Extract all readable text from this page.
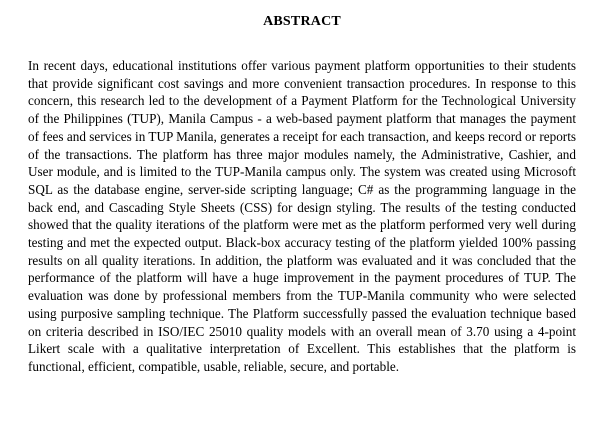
ABSTRACT

In recent days, educational institutions offer various payment platform opportunities to their students that provide significant cost savings and more convenient transaction procedures. In response to this concern, this research led to the development of a Payment Platform for the Technological University of the Philippines (TUP), Manila Campus - a web-based payment platform that manages the payment of fees and services in TUP Manila, generates a receipt for each transaction, and keeps record or reports of the transactions. The platform has three major modules namely, the Administrative, Cashier, and User module, and is limited to the TUP-Manila campus only. The system was created using Microsoft SQL as the database engine, server-side scripting language; C# as the programming language in the back end, and Cascading Style Sheets (CSS) for design styling. The results of the testing conducted showed that the quality iterations of the platform were met as the platform performed very well during testing and met the expected output. Black-box accuracy testing of the platform yielded 100% passing results on all quality iterations. In addition, the platform was evaluated and it was concluded that the performance of the platform will have a huge improvement in the payment procedures of TUP. The evaluation was done by professional members from the TUP-Manila community who were selected using purposive sampling technique. The Platform successfully passed the evaluation technique based on criteria described in ISO/IEC 25010 quality models with an overall mean of 3.70 using a 4-point Likert scale with a qualitative interpretation of Excellent. This establishes that the platform is functional, efficient, compatible, usable, reliable, secure, and portable.
